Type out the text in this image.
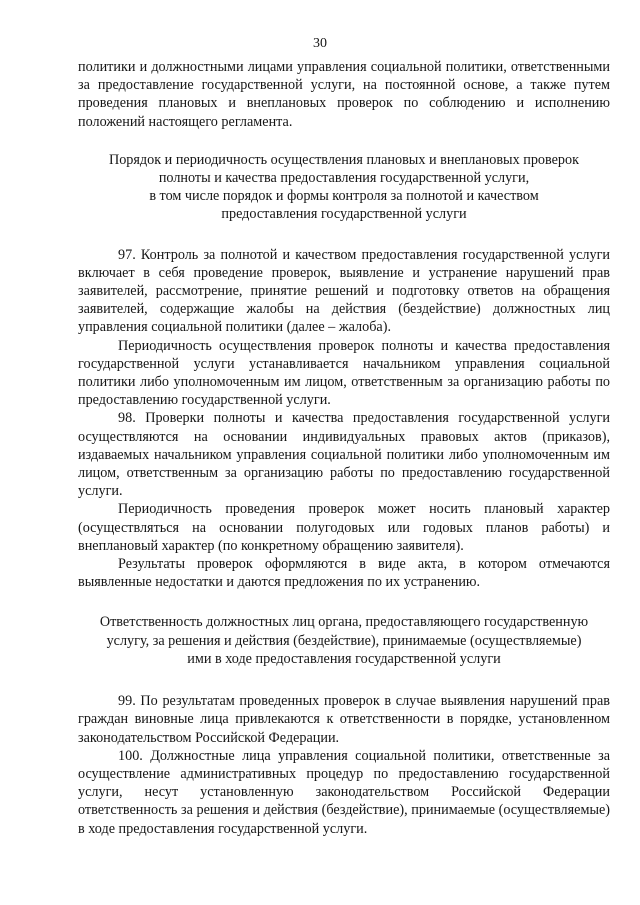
30

политики и должностными лицами управления социальной политики, ответственными за предоставление государственной услуги, на постоянной основе, а также путем проведения плановых и внеплановых проверок по соблюдению и исполнению положений настоящего регламента.

Порядок и периодичность осуществления плановых и внеплановых проверок
полноты и качества предоставления государственной услуги,
в том числе порядок и формы контроля за полнотой и качеством
предоставления государственной услуги

97. Контроль за полнотой и качеством предоставления государственной услуги включает в себя проведение проверок, выявление и устранение нарушений прав заявителей, рассмотрение, принятие решений и подготовку ответов на обращения заявителей, содержащие жалобы на действия (бездействие) должностных лиц управления социальной политики (далее – жалоба).

Периодичность осуществления проверок полноты и качества предоставления государственной услуги устанавливается начальником управления социальной политики либо уполномоченным им лицом, ответственным за организацию работы по предоставлению государственной услуги.

98. Проверки полноты и качества предоставления государственной услуги осуществляются на основании индивидуальных правовых актов (приказов), издаваемых начальником управления социальной политики либо уполномоченным им лицом, ответственным за организацию работы по предоставлению государственной услуги.

Периодичность проведения проверок может носить плановый характер (осуществляться на основании полугодовых или годовых планов работы) и внеплановый характер (по конкретному обращению заявителя).

Результаты проверок оформляются в виде акта, в котором отмечаются выявленные недостатки и даются предложения по их устранению.

Ответственность должностных лиц органа, предоставляющего государственную
услугу, за решения и действия (бездействие), принимаемые (осуществляемые)
ими в ходе предоставления государственной услуги

99. По результатам проведенных проверок в случае выявления нарушений прав граждан виновные лица привлекаются к ответственности в порядке, установленном законодательством Российской Федерации.

100. Должностные лица управления социальной политики, ответственные за осуществление административных процедур по предоставлению государственной услуги, несут установленную законодательством Российской Федерации ответственность за решения и действия (бездействие), принимаемые (осуществляемые) в ходе предоставления государственной услуги.
